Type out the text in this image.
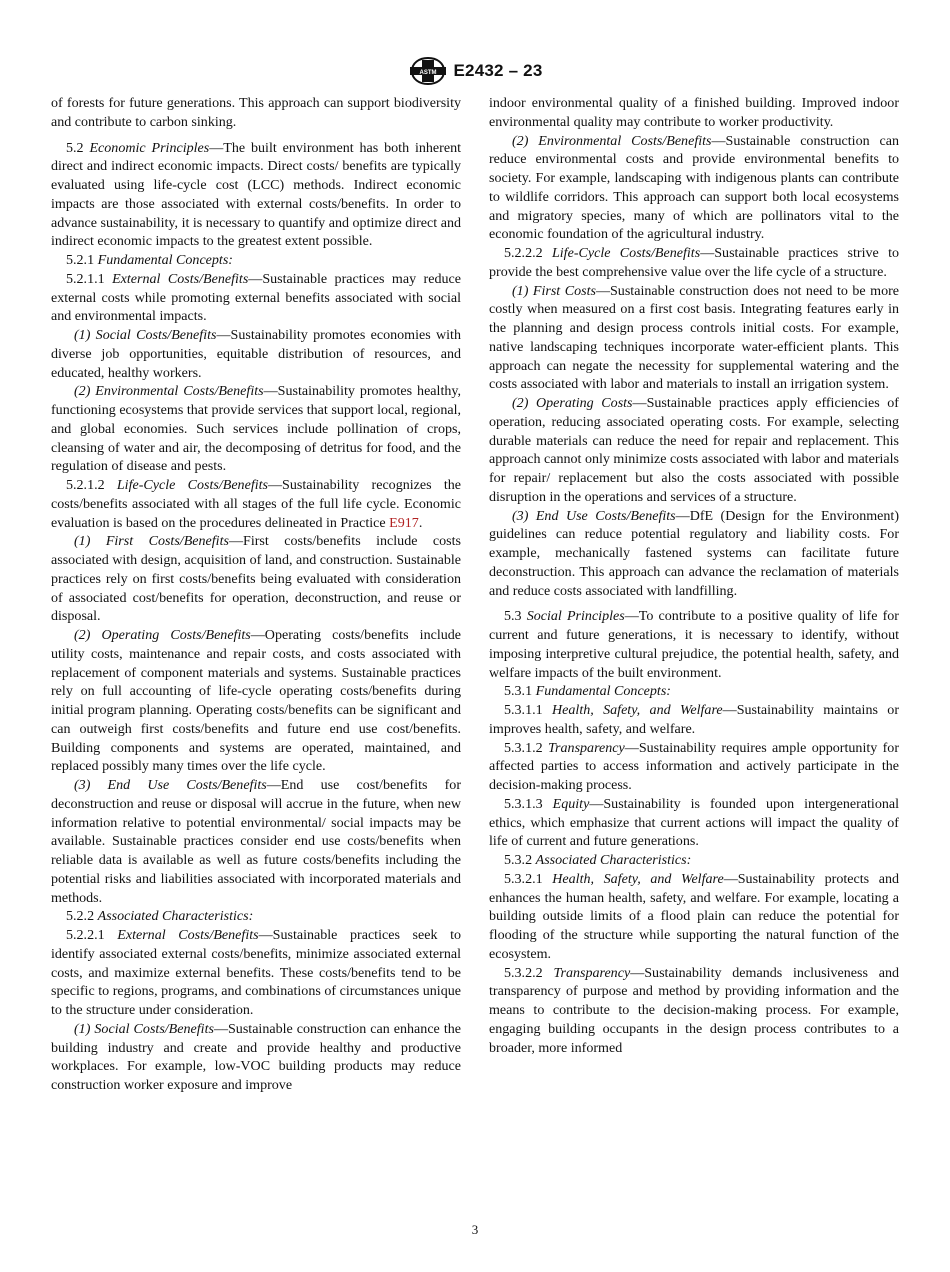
ASTM E2432 – 23

of forests for future generations. This approach can support biodiversity and contribute to carbon sinking.

5.2 Economic Principles—The built environment has both inherent direct and indirect economic impacts. Direct costs/ benefits are typically evaluated using life-cycle cost (LCC) methods. Indirect economic impacts are those associated with external costs/benefits. In order to advance sustainability, it is necessary to quantify and optimize direct and indirect economic impacts to the greatest extent possible.

5.2.1 Fundamental Concepts:

5.2.1.1 External Costs/Benefits—Sustainable practices may reduce external costs while promoting external benefits associated with social and environmental impacts.

(1) Social Costs/Benefits—Sustainability promotes economies with diverse job opportunities, equitable distribution of resources, and educated, healthy workers.

(2) Environmental Costs/Benefits—Sustainability promotes healthy, functioning ecosystems that provide services that support local, regional, and global economies. Such services include pollination of crops, cleansing of water and air, the decomposing of detritus for food, and the regulation of disease and pests.

5.2.1.2 Life-Cycle Costs/Benefits—Sustainability recognizes the costs/benefits associated with all stages of the full life cycle. Economic evaluation is based on the procedures delineated in Practice E917.

(1) First Costs/Benefits—First costs/benefits include costs associated with design, acquisition of land, and construction. Sustainable practices rely on first costs/benefits being evaluated with consideration of associated cost/benefits for operation, deconstruction, and reuse or disposal.

(2) Operating Costs/Benefits—Operating costs/benefits include utility costs, maintenance and repair costs, and costs associated with replacement of component materials and systems. Sustainable practices rely on full accounting of life-cycle operating costs/benefits during initial program planning. Operating costs/benefits can be significant and can outweigh first costs/benefits and future end use cost/benefits. Building components and systems are operated, maintained, and replaced possibly many times over the life cycle.

(3) End Use Costs/Benefits—End use cost/benefits for deconstruction and reuse or disposal will accrue in the future, when new information relative to potential environmental/ social impacts may be available. Sustainable practices consider end use costs/benefits when reliable data is available as well as future costs/benefits including the potential risks and liabilities associated with incorporated materials and methods.

5.2.2 Associated Characteristics:

5.2.2.1 External Costs/Benefits—Sustainable practices seek to identify associated external costs/benefits, minimize associated external costs, and maximize external benefits. These costs/benefits tend to be specific to regions, programs, and combinations of circumstances unique to the structure under consideration.

(1) Social Costs/Benefits—Sustainable construction can enhance the building industry and create and provide healthy and productive workplaces. For example, low-VOC building products may reduce construction worker exposure and improve

indoor environmental quality of a finished building. Improved indoor environmental quality may contribute to worker productivity.

(2) Environmental Costs/Benefits—Sustainable construction can reduce environmental costs and provide environmental benefits to society. For example, landscaping with indigenous plants can contribute to wildlife corridors. This approach can support both local ecosystems and migratory species, many of which are pollinators vital to the economic foundation of the agricultural industry.

5.2.2.2 Life-Cycle Costs/Benefits—Sustainable practices strive to provide the best comprehensive value over the life cycle of a structure.

(1) First Costs—Sustainable construction does not need to be more costly when measured on a first cost basis. Integrating features early in the planning and design process controls initial costs. For example, native landscaping techniques incorporate water-efficient plants. This approach can negate the necessity for supplemental watering and the costs associated with labor and materials to install an irrigation system.

(2) Operating Costs—Sustainable practices apply efficiencies of operation, reducing associated operating costs. For example, selecting durable materials can reduce the need for repair and replacement. This approach cannot only minimize costs associated with labor and materials for repair/ replacement but also the costs associated with possible disruption in the operations and services of a structure.

(3) End Use Costs/Benefits—DfE (Design for the Environment) guidelines can reduce potential regulatory and liability costs. For example, mechanically fastened systems can facilitate future deconstruction. This approach can advance the reclamation of materials and reduce costs associated with landfilling.

5.3 Social Principles—To contribute to a positive quality of life for current and future generations, it is necessary to identify, without imposing interpretive cultural prejudice, the potential health, safety, and welfare impacts of the built environment.

5.3.1 Fundamental Concepts:

5.3.1.1 Health, Safety, and Welfare—Sustainability maintains or improves health, safety, and welfare.

5.3.1.2 Transparency—Sustainability requires ample opportunity for affected parties to access information and actively participate in the decision-making process.

5.3.1.3 Equity—Sustainability is founded upon intergenerational ethics, which emphasize that current actions will impact the quality of life of current and future generations.

5.3.2 Associated Characteristics:

5.3.2.1 Health, Safety, and Welfare—Sustainability protects and enhances the human health, safety, and welfare. For example, locating a building outside limits of a flood plain can reduce the potential for flooding of the structure while supporting the natural function of the ecosystem.

5.3.2.2 Transparency—Sustainability demands inclusiveness and transparency of purpose and method by providing information and the means to contribute to the decision-making process. For example, engaging building occupants in the design process contributes to a broader, more informed

3
